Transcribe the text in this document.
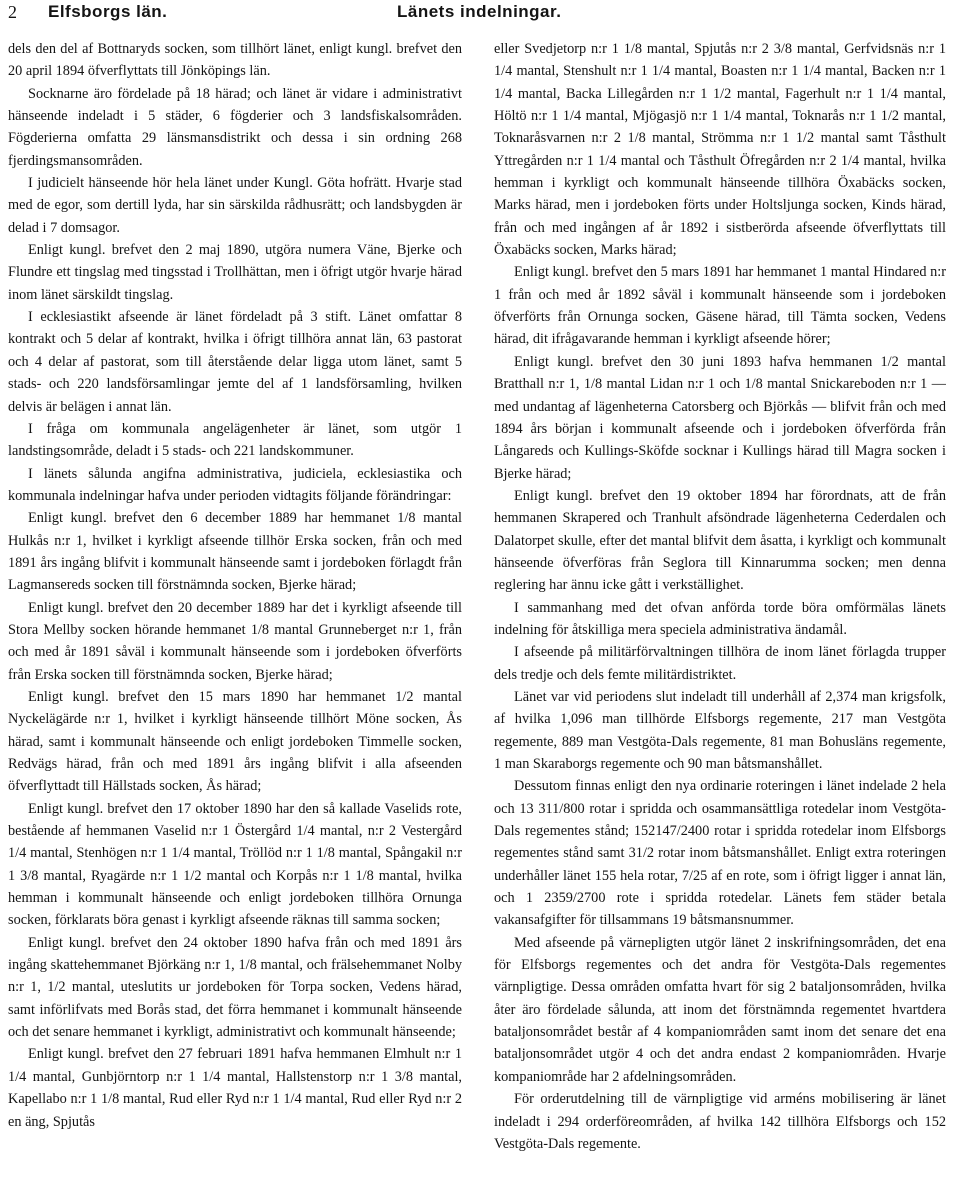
2 Elfsborgs län.	Länets indelningar.

dels den del af Bottnaryds socken, som tillhört länet, enligt kungl. brefvet den 20 april 1894 öfverflyttats till Jönköpings län.

Socknarne äro fördelade på 18 härad; och länet är vidare i administrativt hänseende indeladt i 5 städer, 6 fögderier och 3 landsfiskalsområden. Fögderierna omfatta 29 länsmansdistrikt och dessa i sin ordning 268 fjerdingsmansområden.

I judicielt hänseende hör hela länet under Kungl. Göta hofrätt. Hvarje stad med de egor, som dertill lyda, har sin särskilda rådhusrätt; och landsbygden är delad i 7 domsagor.

Enligt kungl. brefvet den 2 maj 1890, utgöra numera Väne, Bjerke och Flundre ett tingslag med tingsstad i Trollhättan, men i öfrigt utgör hvarje härad inom länet särskildt tingslag.

I ecklesiastikt afseende är länet fördeladt på 3 stift. Länet omfattar 8 kontrakt och 5 delar af kontrakt, hvilka i öfrigt tillhöra annat län, 63 pastorat och 4 delar af pastorat, som till återstående delar ligga utom länet, samt 5 stads- och 220 landsförsamlingar jemte del af 1 landsförsamling, hvilken delvis är belägen i annat län.

I fråga om kommunala angelägenheter är länet, som utgör 1 landstingsområde, deladt i 5 stads- och 221 landskommuner.

I länets sålunda angifna administrativa, judiciela, ecklesiastika och kommunala indelningar hafva under perioden vidtagits följande förändringar:

Enligt kungl. brefvet den 6 december 1889 har hemmanet 1/8 mantal Hulkås n:r 1, hvilket i kyrkligt afseende tillhör Erska socken, från och med 1891 års ingång blifvit i kommunalt hänseende samt i jordeboken förlagdt från Lagmansereds socken till förstnämnda socken, Bjerke härad;

Enligt kungl. brefvet den 20 december 1889 har det i kyrkligt afseende till Stora Mellby socken hörande hemmanet 1/8 mantal Grunneberget n:r 1, från och med år 1891 såväl i kommunalt hänseende som i jordeboken öfverförts från Erska socken till förstnämnda socken, Bjerke härad;

Enligt kungl. brefvet den 15 mars 1890 har hemmanet 1/2 mantal Nyckelägärde n:r 1, hvilket i kyrkligt hänseende tillhört Möne socken, Ås härad, samt i kommunalt hänseende och enligt jordeboken Timmelle socken, Redvägs härad, från och med 1891 års ingång blifvit i alla afseenden öfverflyttadt till Hällstads socken, Ås härad;

Enligt kungl. brefvet den 17 oktober 1890 har den så kallade Vaselids rote, bestående af hemmanen Vaselid n:r 1 Östergård 1/4 mantal, n:r 2 Vestergård 1/4 mantal, Stenhögen n:r 1 1/4 mantal, Tröllöd n:r 1 1/8 mantal, Spångakil n:r 1 3/8 mantal, Ryagärde n:r 1 1/2 mantal och Korpås n:r 1 1/8 mantal, hvilka hemman i kommunalt hänseende och enligt jordeboken tillhöra Ornunga socken, förklarats böra genast i kyrkligt afseende räknas till samma socken;

Enligt kungl. brefvet den 24 oktober 1890 hafva från och med 1891 års ingång skattehemmanet Björkäng n:r 1, 1/8 mantal, och frälsehemmanet Nolby n:r 1, 1/2 mantal, uteslutits ur jordeboken för Torpa socken, Vedens härad, samt införlifvats med Borås stad, det förra hemmanet i kommunalt hänseende och det senare hemmanet i kyrkligt, administrativt och kommunalt hänseende;

Enligt kungl. brefvet den 27 februari 1891 hafva hemmanen Elmhult n:r 1 1/4 mantal, Gunbjörntorp n:r 1 1/4 mantal, Hallstenstorp n:r 1 3/8 mantal, Kapellabo n:r 1 1/8 mantal, Rud eller Ryd n:r 1 1/4 mantal, Rud eller Ryd n:r 2 en äng, Spjutås

eller Svedjetorp n:r 1 1/8 mantal, Spjutås n:r 2 3/8 mantal, Gerfvidsnäs n:r 1 1/4 mantal, Stenshult n:r 1 1/4 mantal, Boasten n:r 1 1/4 mantal, Backen n:r 1 1/4 mantal, Backa Lillegården n:r 1 1/2 mantal, Fagerhult n:r 1 1/4 mantal, Höltö n:r 1 1/4 mantal, Mjögasjö n:r 1 1/4 mantal, Toknarås n:r 1 1/2 mantal, Toknaråsvarnen n:r 2 1/8 mantal, Strömma n:r 1 1/2 mantal samt Tåsthult Yttregården n:r 1 1/4 mantal och Tåsthult Öfregården n:r 2 1/4 mantal, hvilka hemman i kyrkligt och kommunalt hänseende tillhöra Öxabäcks socken, Marks härad, men i jordeboken förts under Holtsljunga socken, Kinds härad, från och med ingången af år 1892 i sistberörda afseende öfverflyttats till Öxabäcks socken, Marks härad;

Enligt kungl. brefvet den 5 mars 1891 har hemmanet 1 mantal Hindared n:r 1 från och med år 1892 såväl i kommunalt hänseende som i jordeboken öfverförts från Ornunga socken, Gäsene härad, till Tämta socken, Vedens härad, dit ifrågavarande hemman i kyrkligt afseende hörer;

Enligt kungl. brefvet den 30 juni 1893 hafva hemmanen 1/2 mantal Bratthall n:r 1, 1/8 mantal Lidan n:r 1 och 1/8 mantal Snickareboden n:r 1 — med undantag af lägenheterna Catorsberg och Björkås — blifvit från och med 1894 års början i kommunalt afseende och i jordeboken öfverförda från Långareds och Kullings-Sköfde socknar i Kullings härad till Magra socken i Bjerke härad;

Enligt kungl. brefvet den 19 oktober 1894 har förordnats, att de från hemmanen Skrapered och Tranhult afsöndrade lägenheterna Cederdalen och Dalatorpet skulle, efter det mantal blifvit dem åsatta, i kyrkligt och kommunalt hänseende öfverföras från Seglora till Kinnarumma socken; men denna reglering har ännu icke gått i verkställighet.

I sammanhang med det ofvan anförda torde böra omförmälas länets indelning för åtskilliga mera speciela administrativa ändamål.

I afseende på militärförvaltningen tillhöra de inom länet förlagda trupper dels tredje och dels femte militärdistriktet.

Länet var vid periodens slut indeladt till underhåll af 2,374 man krigsfolk, af hvilka 1,096 man tillhörde Elfsborgs regemente, 217 man Vestgöta regemente, 889 man Vestgöta-Dals regemente, 81 man Bohusläns regemente, 1 man Skaraborgs regemente och 90 man båtsmanshållet.

Dessutom finnas enligt den nya ordinarie roteringen i länet indelade 2 hela och 13 311/800 rotar i spridda och osammansättliga rotedelar inom Vestgöta-Dals regementes stånd; 152147/2400 rotar i spridda rotedelar inom Elfsborgs regementes stånd samt 31/2 rotar inom båtsmanshållet. Enligt extra roteringen underhåller länet 155 hela rotar, 7/25 af en rote, som i öfrigt ligger i annat län, och 1 2359/2700 rote i spridda rotedelar. Länets fem städer betala vakansafgifter för tillsammans 19 båtsmansnummer.

Med afseende på värnepligten utgör länet 2 inskrifningsområden, det ena för Elfsborgs regementes och det andra för Vestgöta-Dals regementes värnpligtige. Dessa områden omfatta hvart för sig 2 bataljonsområden, hvilka åter äro fördelade sålunda, att inom det förstnämnda regementet hvartdera bataljonsområdet består af 4 kompaniområden samt inom det senare det ena bataljonsområdet utgör 4 och det andra endast 2 kompaniområden. Hvarje kompaniområde har 2 afdelningsområden.

För orderutdelning till de värnpligtige vid arméns mobilisering är länet indeladt i 294 orderföreområden, af hvilka 142 tillhöra Elfsborgs och 152 Vestgöta-Dals regemente.
